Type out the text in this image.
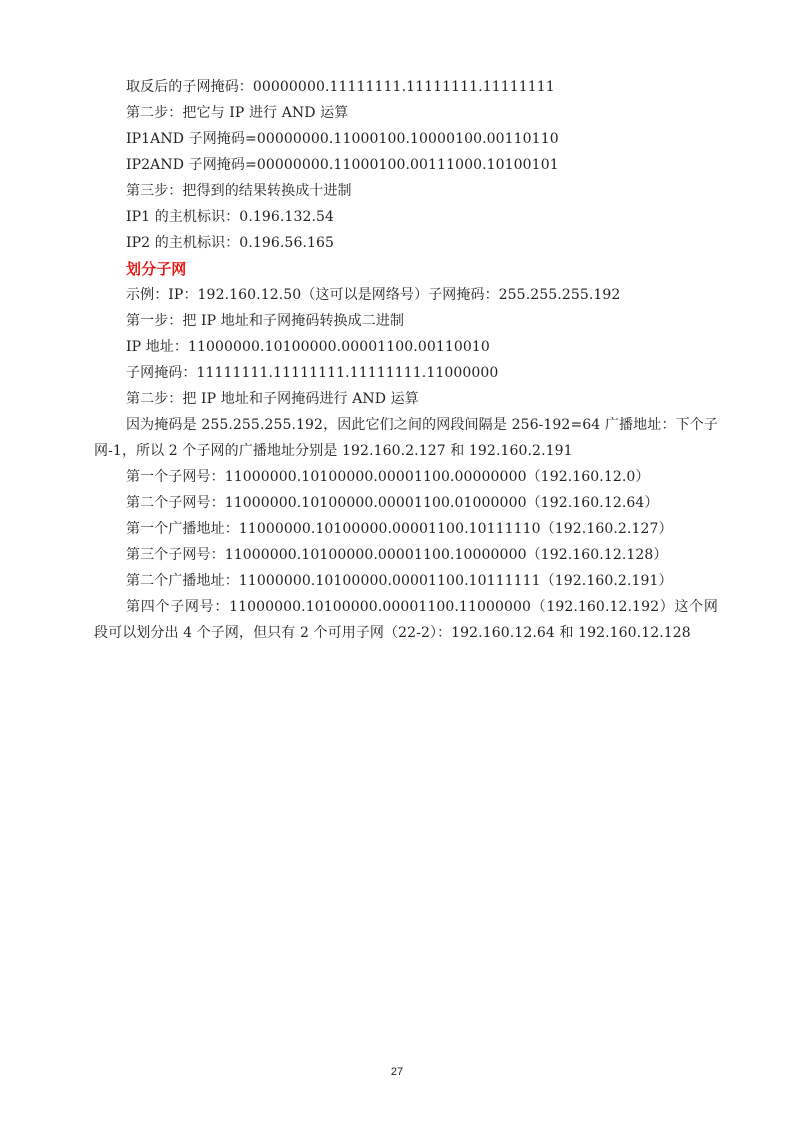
取反后的子网掩码：00000000.11111111.11111111.11111111
第二步：把它与 IP 进行 AND 运算
IP1AND 子网掩码=00000000.11000100.10000100.00110110
IP2AND 子网掩码=00000000.11000100.00111000.10100101
第三步：把得到的结果转换成十进制
IP1 的主机标识：0.196.132.54
IP2 的主机标识：0.196.56.165
划分子网
示例：IP：192.160.12.50（这可以是网络号）子网掩码：255.255.255.192
第一步：把 IP 地址和子网掩码转换成二进制
IP 地址：11000000.10100000.00001100.00110010
子网掩码：11111111.11111111.11111111.11000000
第二步：把 IP 地址和子网掩码进行 AND 运算
因为掩码是 255.255.255.192，因此它们之间的网段间隔是 256-192=64 广播地址：下个子网-1，所以 2 个子网的广播地址分别是 192.160.2.127 和 192.160.2.191
第一个子网号：11000000.10100000.00001100.00000000（192.160.12.0）
第二个子网号：11000000.10100000.00001100.01000000（192.160.12.64）
第一个广播地址：11000000.10100000.00001100.10111110（192.160.2.127）
第三个子网号：11000000.10100000.00001100.10000000（192.160.12.128）
第二个广播地址：11000000.10100000.00001100.10111111（192.160.2.191）
第四个子网号：11000000.10100000.00001100.11000000（192.160.12.192）这个网段可以划分出 4 个子网，但只有 2 个可用子网（22-2）：192.160.12.64 和 192.160.12.128
27
